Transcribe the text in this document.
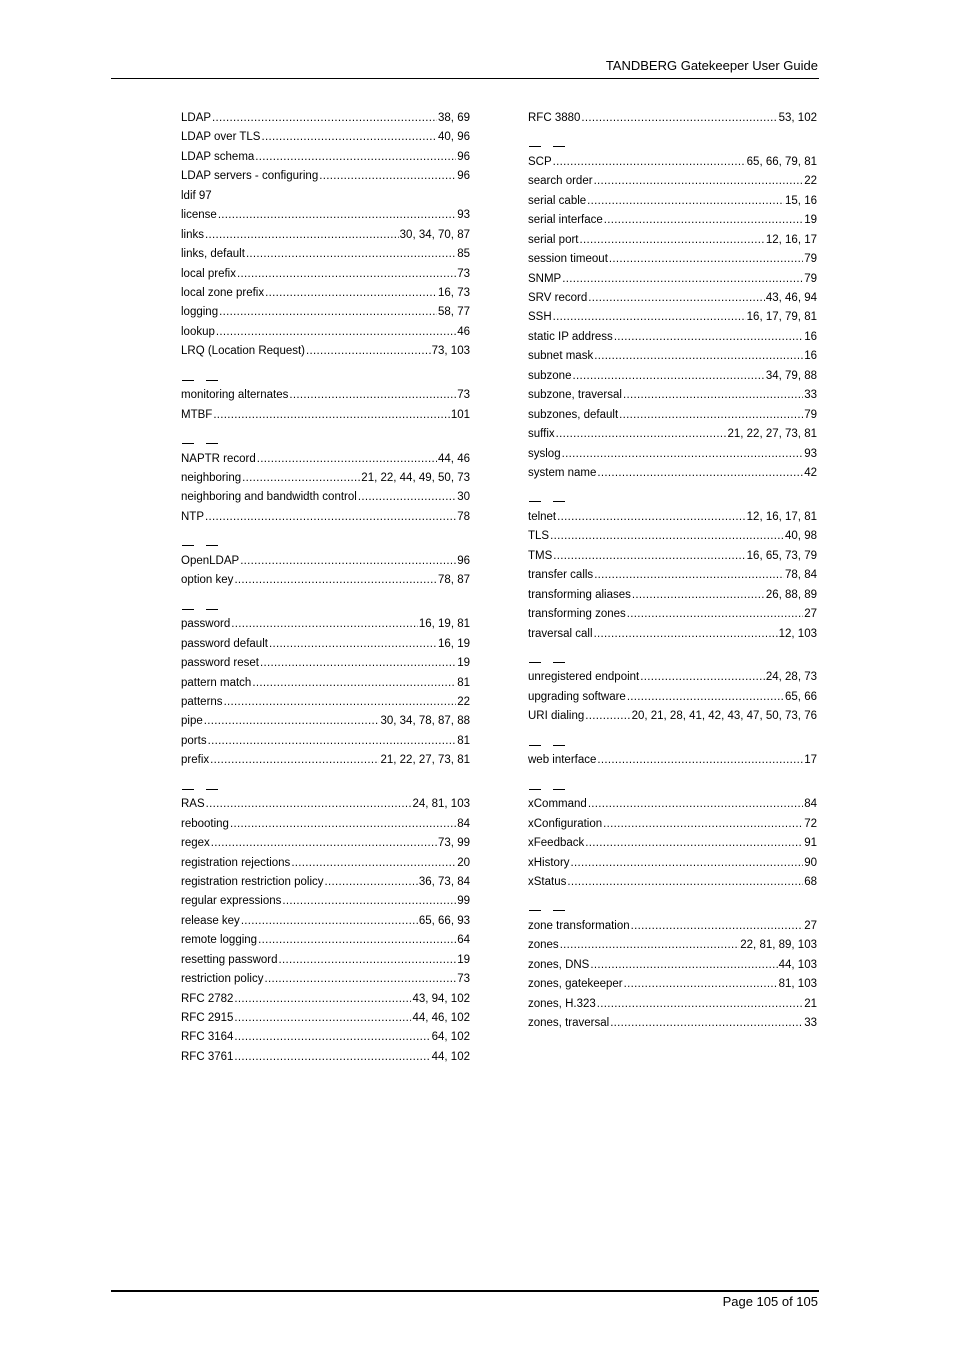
TANDBERG Gatekeeper User Guide
LDAP .....	38, 69
LDAP over TLS .....	40, 96
LDAP schema .....	96
LDAP servers - configuring .....	96
ldif 97
license .....	93
links .....	30, 34, 70, 87
links, default .....	85
local prefix .....	73
local zone prefix .....	16, 73
logging .....	58, 77
lookup .....	46
LRQ (Location Request) .....	73, 103
monitoring alternates .....	73
MTBF .....	101
NAPTR record .....	44, 46
neighboring .....	21, 22, 44, 49, 50, 73
neighboring and bandwidth control .....	30
NTP .....	78
OpenLDAP .....	96
option key .....	78, 87
password .....	16, 19, 81
password default .....	16, 19
password reset .....	19
pattern match .....	81
patterns .....	22
pipe .....	30, 34, 78, 87, 88
ports .....	81
prefix .....	21, 22, 27, 73, 81
RAS .....	24, 81, 103
rebooting .....	84
regex .....	73, 99
registration rejections .....	20
registration restriction policy .....	36, 73, 84
regular expressions .....	99
release key .....	65, 66, 93
remote logging .....	64
resetting password .....	19
restriction policy .....	73
RFC 2782 .....	43, 94, 102
RFC 2915 .....	44, 46, 102
RFC 3164 .....	64, 102
RFC 3761 .....	44, 102
RFC 3880 .....	53, 102
SCP .....	65, 66, 79, 81
search order .....	22
serial cable .....	15, 16
serial interface .....	19
serial port .....	12, 16, 17
session timeout .....	79
SNMP .....	79
SRV record .....	43, 46, 94
SSH .....	16, 17, 79, 81
static IP address .....	16
subnet mask .....	16
subzone .....	34, 79, 88
subzone, traversal .....	33
subzones, default .....	79
suffix .....	21, 22, 27, 73, 81
syslog .....	93
system name .....	42
telnet .....	12, 16, 17, 81
TLS .....	40, 98
TMS .....	16, 65, 73, 79
transfer calls .....	78, 84
transforming aliases .....	26, 88, 89
transforming zones .....	27
traversal call .....	12, 103
unregistered endpoint .....	24, 28, 73
upgrading software .....	65, 66
URI dialing .....	20, 21, 28, 41, 42, 43, 47, 50, 73, 76
web interface .....	17
xCommand .....	84
xConfiguration .....	72
xFeedback .....	91
xHistory .....	90
xStatus .....	68
zone transformation .....	27
zones .....	22, 81, 89, 103
zones, DNS .....	44, 103
zones, gatekeeper .....	81, 103
zones, H.323 .....	21
zones, traversal .....	33
Page 105 of 105
